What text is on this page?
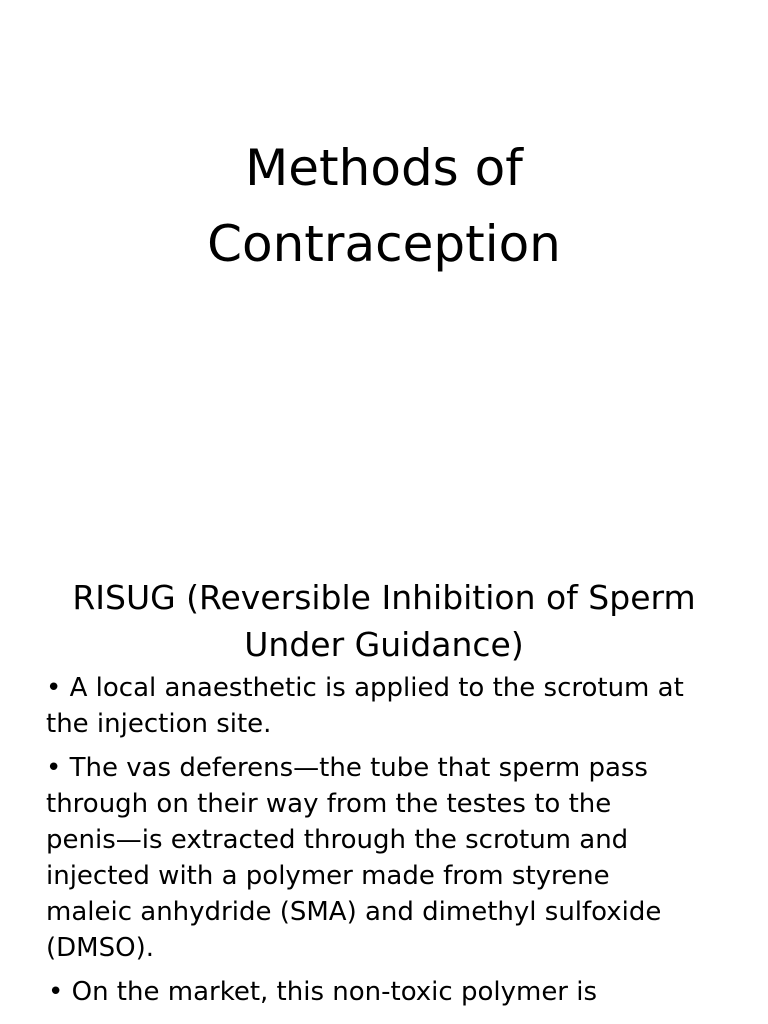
Methods of
Contraception
RISUG (Reversible Inhibition of Sperm
Under Guidance)
• A local anaesthetic is applied to the scrotum at
the injection site.
• The vas deferens—the tube that sperm pass
through on their way from the testes to the
penis—is extracted through the scrotum and
injected with a polymer made from styrene
maleic anhydride (SMA) and dimethyl sulfoxide
(DMSO).
• On the market, this non-toxic polymer is
